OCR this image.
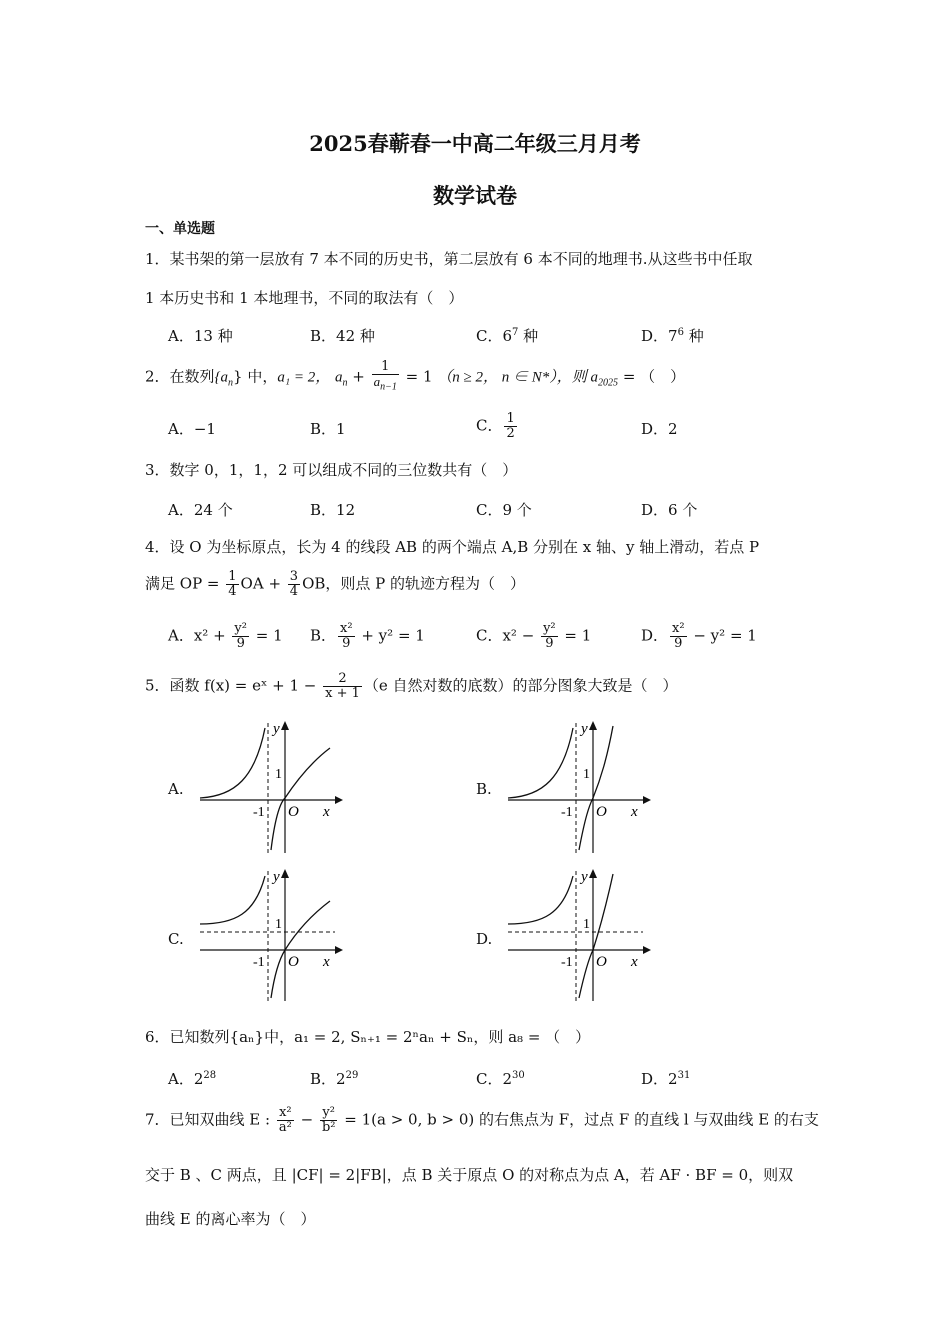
2025春蕲春一中高二年级三月月考
数学试卷
一、单选题
1．某书架的第一层放有 7 本不同的历史书，第二层放有 6 本不同的地理书.从这些书中任取
1 本历史书和 1 本地理书，不同的取法有（　）
A．13 种	B．42 种	C．$6^7$ 种	D．$7^6$ 种
2．在数列$\{a_n\}$ 中，a₁ = 2， $a_n + \frac{1}{a_{n-1}} = 1$ （n ≥ 2， n ∈ N*），则 $a_{2025}$ = （　）
A．−1	B．1	C． $\frac{1}{2}$	D．2
3．数字 0，1，1，2 可以组成不同的三位数共有（　）
A．24 个	B．12	C．9 个	D．6 个
4．设 O 为坐标原点，长为 4 的线段 AB 的两个端点 A,B 分别在 x 轴、y 轴上滑动，若点 P
满足 OP = $\frac{1}{4}$ OA + $\frac{3}{4}$ OB，则点 P 的轨迹方程为（　）
A．$x^2 + \frac{\text{y²}}{9} = 1$ B． $\frac{\text{x²}}{9} + y^2 = 1$	C．$x^2 - \frac{\text{y²}}{9} = 1$	D． $\frac{\text{x²}}{9} - y^2 = 1$
5．函数 f(x) = eˣ + $1 - \frac{2}{x + 1} (e$ 自然对数的底数）的部分图象大致是（　）
A.
y
x
O
1
-1
B.
y
x
O
1
-1
C.
y
x
O
1
-1
D.
y
x
O
1
-1
6．已知数列{aₙ}中，a₁ = 2, Sₙ₊₁ = 2ⁿaₙ + Sₙ，则 a₈ = （　）
A．$2^{28}$	B．$2^{29}$	C．$2^{30}$	D．$2^{31}$
7．已知双曲线 E : $\frac{\text{x²}}{\text{a²}} - \frac{\text{y²}}{\text{b²}} = 1(a > 0$, b > 0) 的右焦点为 F，过点 F 的直线 l 与双曲线 E 的右支
交于 B 、C 两点，且 |CF| = 2|FB|，点 B 关于原点 O 的对称点为点 A，若 AF · BF = 0，则双
曲线 E 的离心率为（　）
